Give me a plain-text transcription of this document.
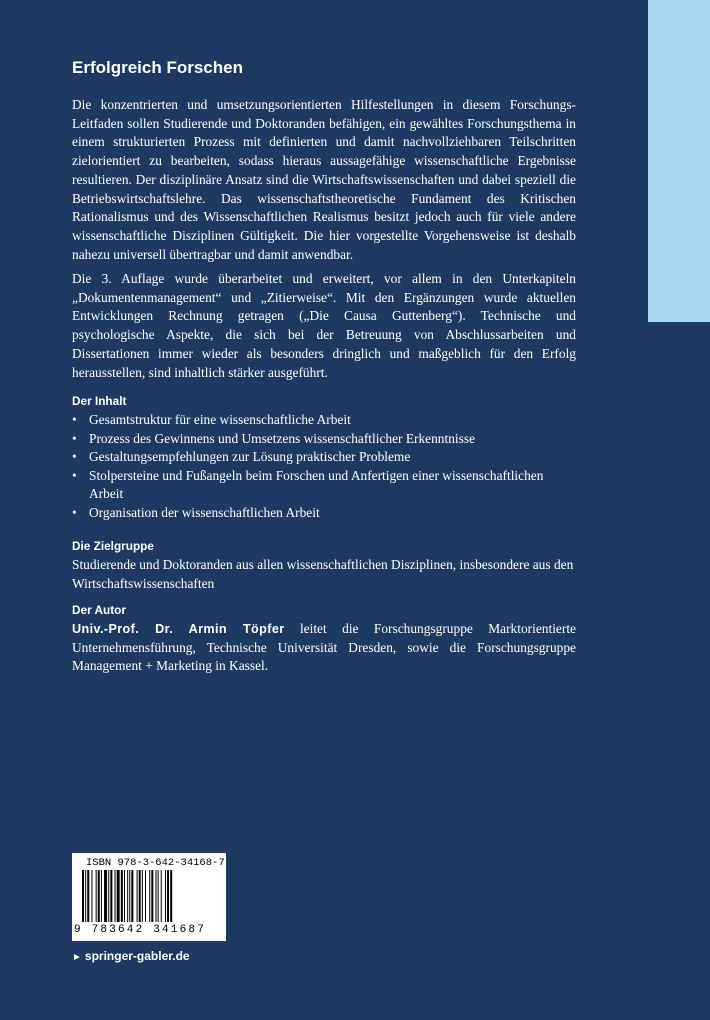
Erfolgreich Forschen

Die konzentrierten und umsetzungsorientierten Hilfestellungen in diesem Forschungs-Leitfaden sollen Studierende und Doktoranden befähigen, ein gewähltes Forschungsthema in einem strukturierten Prozess mit definierten und damit nachvollziehbaren Teilschritten zielorientiert zu bearbeiten, sodass hieraus aussagefähige wissenschaftliche Ergebnisse resultieren. Der disziplinäre Ansatz sind die Wirtschaftswissenschaften und dabei speziell die Betriebswirtschaftslehre. Das wissenschaftstheoretische Fundament des Kritischen Rationalismus und des Wissenschaftlichen Realismus besitzt jedoch auch für viele andere wissenschaftliche Disziplinen Gültigkeit. Die hier vorgestellte Vorgehensweise ist deshalb nahezu universell übertragbar und damit anwendbar.

Die 3. Auflage wurde überarbeitet und erweitert, vor allem in den Unterkapiteln „Dokumentenmanagement“ und „Zitierweise“. Mit den Ergänzungen wurde aktuellen Entwicklungen Rechnung getragen („Die Causa Guttenberg“). Technische und psychologische Aspekte, die sich bei der Betreuung von Abschlussarbeiten und Dissertationen immer wieder als besonders dringlich und maßgeblich für den Erfolg herausstellen, sind inhaltlich stärker ausgeführt.

Der Inhalt
• Gesamtstruktur für eine wissenschaftliche Arbeit
• Prozess des Gewinnens und Umsetzens wissenschaftlicher Erkenntnisse
• Gestaltungsempfehlungen zur Lösung praktischer Probleme
• Stolpersteine und Fußangeln beim Forschen und Anfertigen einer wissenschaftlichen Arbeit
• Organisation der wissenschaftlichen Arbeit
Die Zielgruppe

Studierende und Doktoranden aus allen wissenschaftlichen Disziplinen, insbesondere aus den Wirtschaftswissenschaften

Der Autor

Univ.-Prof. Dr. Armin Töpfer leitet die Forschungsgruppe Marktorientierte Unternehmensführung, Technische Universität Dresden, sowie die Forschungsgruppe Management + Marketing in Kassel.

ISBN 978-3-642-34168-7
9 783642 341687
► springer-gabler.de
